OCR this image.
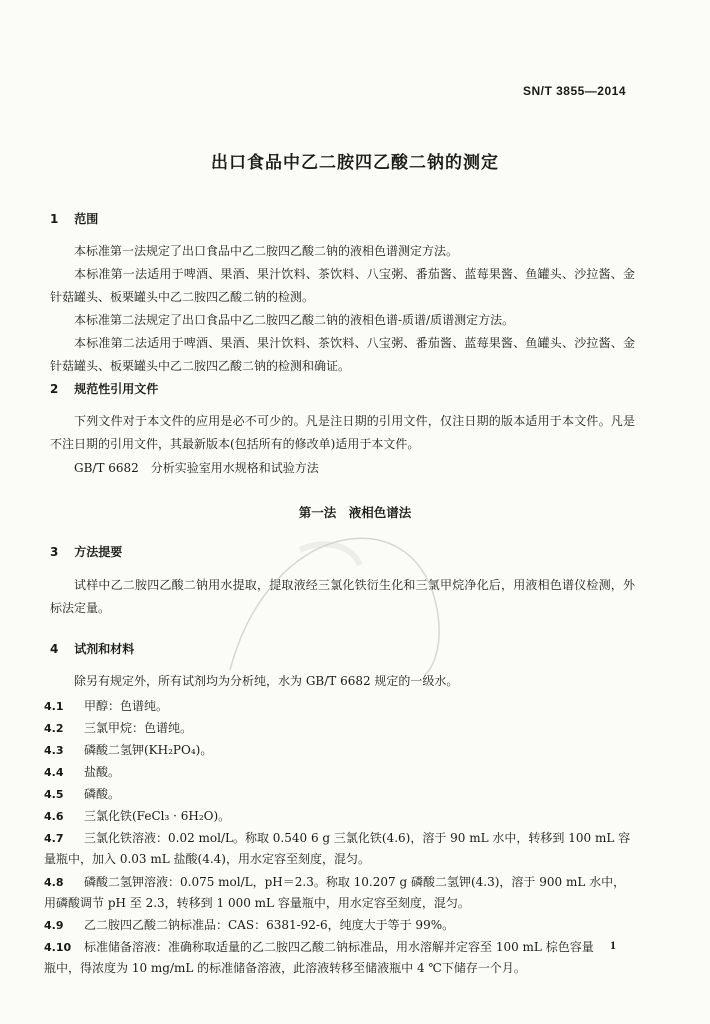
SN/T 3855—2014
出口食品中乙二胺四乙酸二钠的测定
1 范围
本标准第一法规定了出口食品中乙二胺四乙酸二钠的液相色谱测定方法。
本标准第一法适用于啤酒、果酒、果汁饮料、茶饮料、八宝粥、番茄酱、蓝莓果酱、鱼罐头、沙拉酱、金针菇罐头、板栗罐头中乙二胺四乙酸二钠的检测。
本标准第二法规定了出口食品中乙二胺四乙酸二钠的液相色谱-质谱/质谱测定方法。
本标准第二法适用于啤酒、果酒、果汁饮料、茶饮料、八宝粥、番茄酱、蓝莓果酱、鱼罐头、沙拉酱、金针菇罐头、板栗罐头中乙二胺四乙酸二钠的检测和确证。
2 规范性引用文件
下列文件对于本文件的应用是必不可少的。凡是注日期的引用文件，仅注日期的版本适用于本文件。凡是不注日期的引用文件，其最新版本(包括所有的修改单)适用于本文件。
GB/T 6682　分析实验室用水规格和试验方法
第一法　液相色谱法
3 方法提要
试样中乙二胺四乙酸二钠用水提取，提取液经三氯化铁衍生化和三氯甲烷净化后，用液相色谱仪检测，外标法定量。
4 试剂和材料
除另有规定外，所有试剂均为分析纯，水为 GB/T 6682 规定的一级水。
4.1 甲醇：色谱纯。
4.2 三氯甲烷：色谱纯。
4.3 磷酸二氢钾(KH₂PO₄)。
4.4 盐酸。
4.5 磷酸。
4.6 三氯化铁(FeCl₃ · 6H₂O)。
4.7 三氯化铁溶液：0.02 mol/L。称取 0.540 6 g 三氯化铁(4.6)，溶于 90 mL 水中，转移到 100 mL 容量瓶中，加入 0.03 mL 盐酸(4.4)，用水定容至刻度，混匀。
4.8 磷酸二氢钾溶液：0.075 mol/L，pH＝2.3。称取 10.207 g 磷酸二氢钾(4.3)，溶于 900 mL 水中，用磷酸调节 pH 至 2.3，转移到 1 000 mL 容量瓶中，用水定容至刻度，混匀。
4.9 乙二胺四乙酸二钠标准品：CAS：6381-92-6，纯度大于等于 99%。
4.10 标准储备溶液：准确称取适量的乙二胺四乙酸二钠标准品，用水溶解并定容至 100 mL 棕色容量瓶中，得浓度为 10 mg/mL 的标准储备溶液，此溶液转移至储液瓶中 4 ℃下储存一个月。
1
